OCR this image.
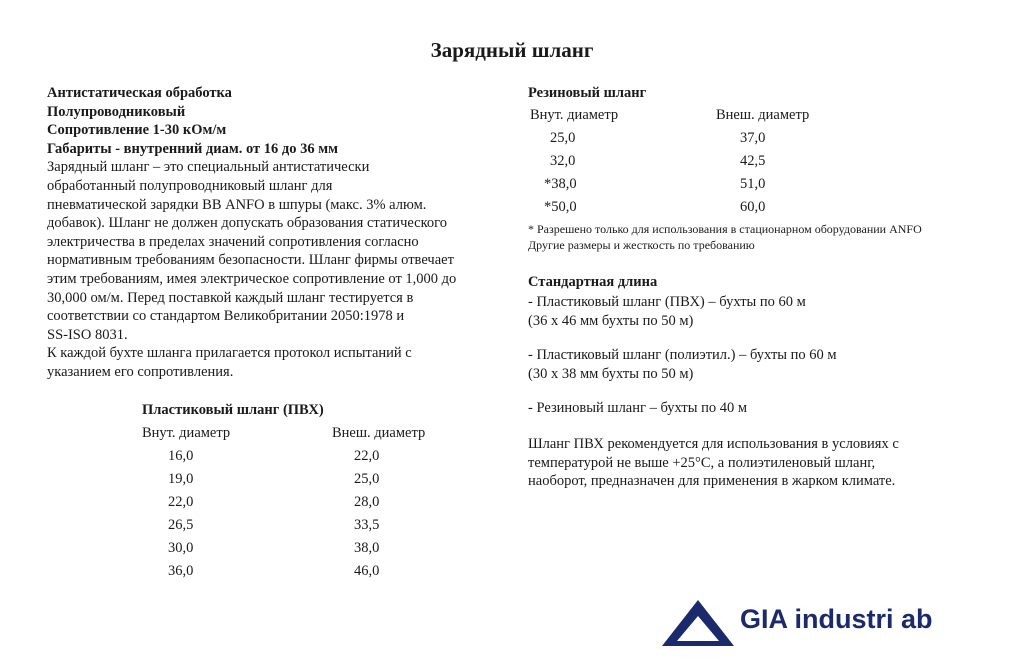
Зарядный шланг
Антистатическая обработка
Полупроводниковый
Сопротивление 1-30 кОм/м
Габариты - внутренний диам. от 16 до 36 мм
Зарядный шланг – это специальный антистатически
обработанный полупроводниковый шланг для
пневматической зарядки ВВ ANFO в шпуры (макс. 3% алюм.
добавок). Шланг не должен допускать образования статического
электричества в пределах значений сопротивления согласно
нормативным требованиям безопасности. Шланг фирмы отвечает
этим требованиям, имея электрическое сопротивление от 1,000 до
30,000 ом/м. Перед поставкой каждый шланг тестируется в
соответствии со стандартом Великобритании 2050:1978 и
SS-ISO 8031.
К каждой бухте шланга прилагается протокол испытаний с
указанием его сопротивления.
Пластиковый шланг (ПВХ)
Внут. диаметр	Внеш. диаметр
16,0	22,0
19,0	25,0
22,0	28,0
26,5	33,5
30,0	38,0
36,0	46,0
Резиновый шланг
Внут. диаметр	Внеш. диаметр
25,0	37,0
32,0	42,5
*38,0	51,0
*50,0	60,0
* Разрешено только для использования в стационарном оборудовании ANFO
Другие размеры и жесткость по требованию
Стандартная длина
- Пластиковый шланг (ПВХ) – бухты по 60 м
(36 х 46 мм бухты по 50 м)
- Пластиковый шланг (полиэтил.) – бухты по 60 м
(30 х 38 мм бухты по 50 м)
- Резиновый шланг – бухты по 40 м
Шланг ПВХ рекомендуется для использования в условиях с
температурой не выше +25°С, а полиэтиленовый шланг,
наоборот, предназначен для применения в жарком климате.
GIA industri ab
